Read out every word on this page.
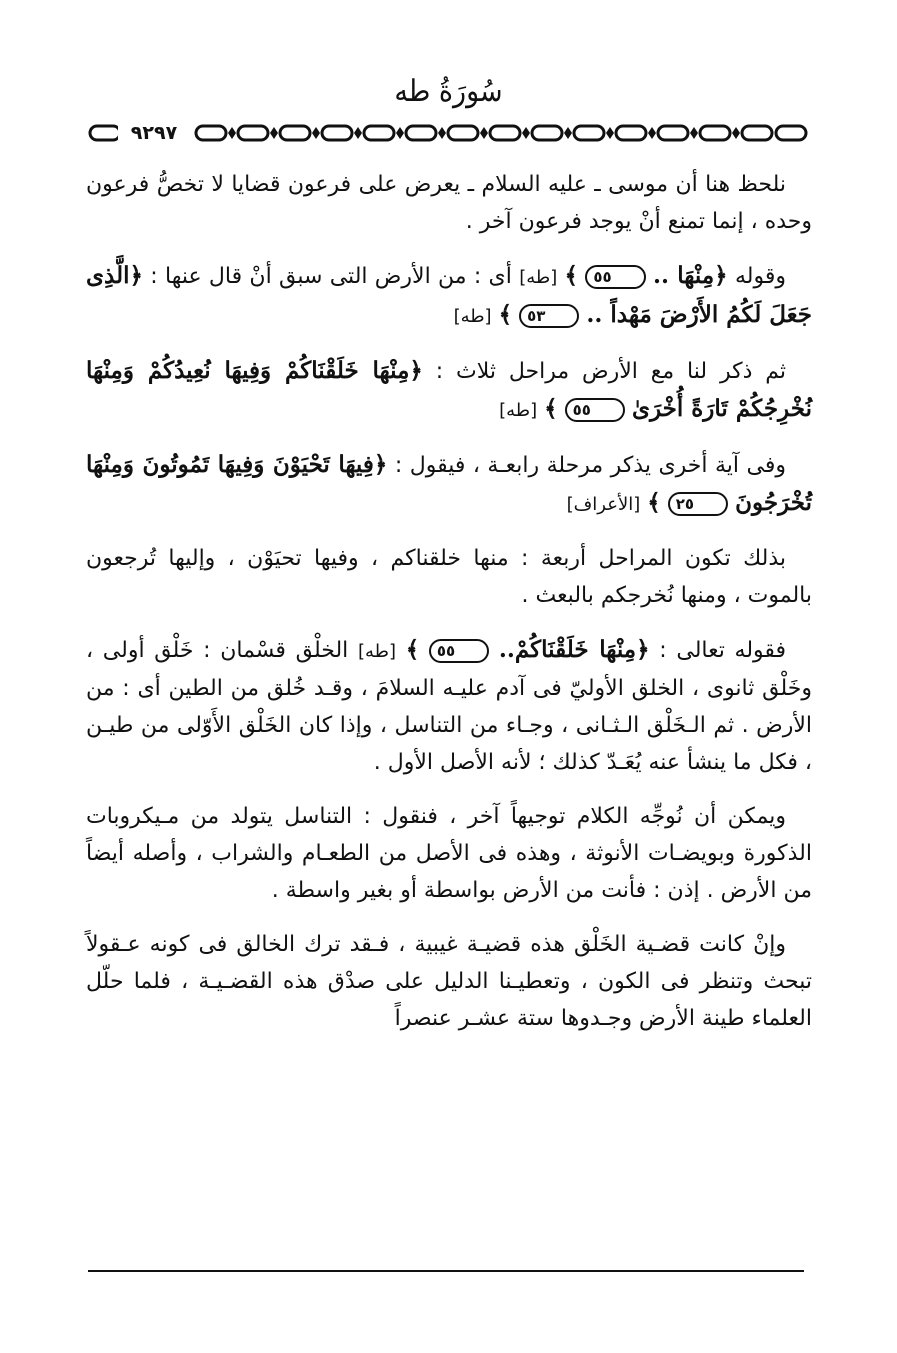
سُورَةُ طه
٩٢٩٧

نلحظ هنا أن موسى ـ عليه السلام ـ يعرض على فرعون قضايا لا تخصُّ فرعون وحده ، إنما تمنع أنْ يوجد فرعون آخر .

وقوله ﴿مِنْهَا .. ٥٥ ﴾ [طه] أى : من الأرض التى سبق أنْ قال عنها : ﴿الَّذِى جَعَلَ لَكُمُ الأَرْضَ مَهْداً .. ٥٣ ﴾ [طه]

ثم ذكر لنا مع الأرض مراحل ثلاث : ﴿مِنْهَا خَلَقْنَاكُمْ وَفِيهَا نُعِيدُكُمْ وَمِنْهَا نُخْرِجُكُمْ تَارَةً أُخْرَىٰ ٥٥ ﴾ [طه]

وفى آية أخرى يذكر مرحلة رابعـة ، فيقول : ﴿فِيهَا تَحْيَوْنَ وَفِيهَا تَمُوتُونَ وَمِنْهَا تُخْرَجُونَ ٢٥ ﴾ [الأعراف]

بذلك تكون المراحل أربعة : منها خلقناكم ، وفيها تحيَوْن ، وإليها تُرجعون بالموت ، ومنها نُخرجكم بالبعث .

فقوله تعالى : ﴿مِنْهَا خَلَقْنَاكُمْ.. ٥٥ ﴾ [طه] الخلْق قسْمان : خَلْق أولى ، وخَلْق ثانوى ، الخلق الأوليّ فى آدم عليـه السلامَ ، وقـد خُلق من الطين أى : من الأرض . ثم الـخَلْق الـثـانى ، وجـاء من التناسل ، وإذا كان الخَلْق الأَوّلى من طيـن ، فكل ما ينشأ عنه يُعَـدّ كذلك ؛ لأنه الأصل الأول .

ويمكن أن نُوجِّه الكلام توجيهاً آخر ، فنقول : التناسل يتولد من مـيكروبات الذكورة وبويضـات الأنوثة ، وهذه فى الأصل من الطعـام والشراب ، وأصله أيضاً من الأرض . إذن : فأنت من الأرض بواسطة أو بغير واسطة .

وإنْ كانت قضـية الخَلْق هذه قضيـة غيبية ، فـقد ترك الخالق فى كونه عـقولاً تبحث وتنظر فى الكون ، وتعطيـنا الدليل على صدْق هذه القضـيـة ، فلما حلّل العلماء طينة الأرض وجـدوها ستة عشـر عنصراً
